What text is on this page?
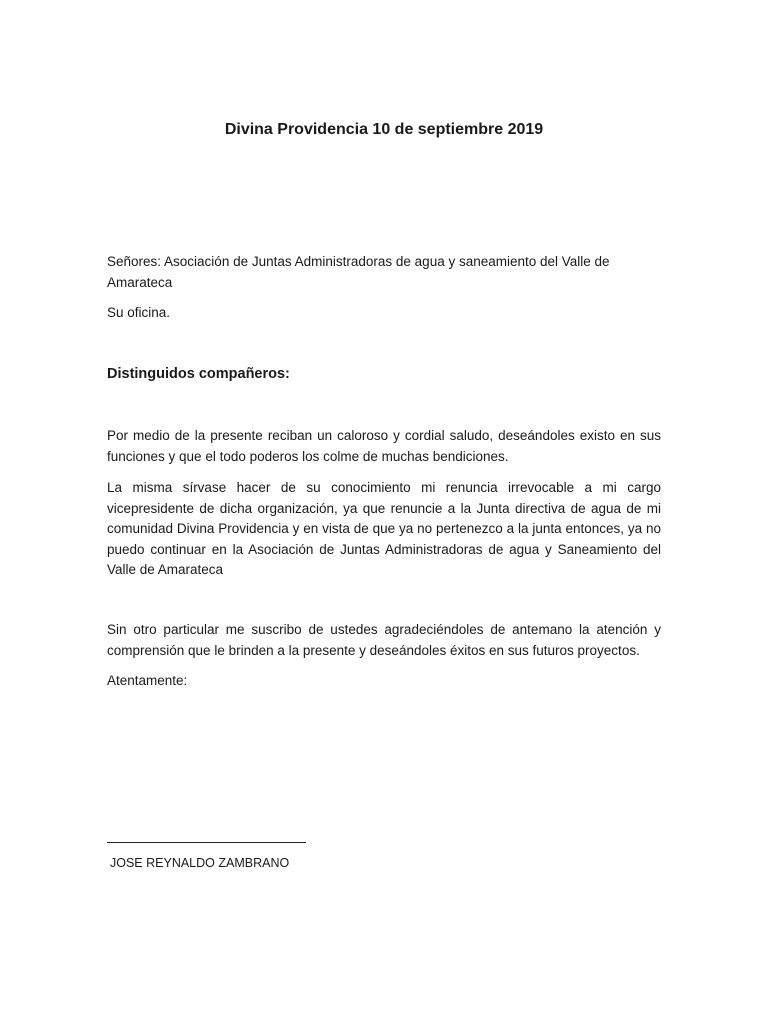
Divina Providencia 10 de septiembre 2019

Señores: Asociación de Juntas Administradoras de agua y saneamiento del Valle de Amarateca

Su oficina.

Distinguidos compañeros:

Por medio de la presente reciban un caloroso y cordial saludo, deseándoles existo en sus funciones y que el todo poderos los colme de muchas bendiciones.

La misma sírvase hacer de su conocimiento mi renuncia irrevocable a mi cargo vicepresidente de dicha organización, ya que renuncie a la Junta directiva de agua de mi comunidad Divina Providencia y en vista de que ya no pertenezco a la junta entonces, ya no puedo continuar en la Asociación de Juntas Administradoras de agua y Saneamiento del Valle de Amarateca

Sin otro particular me suscribo de ustedes agradeciéndoles de antemano la atención y comprensión que le brinden a la presente y deseándoles éxitos en sus futuros proyectos.

Atentamente:

JOSE REYNALDO ZAMBRANO
